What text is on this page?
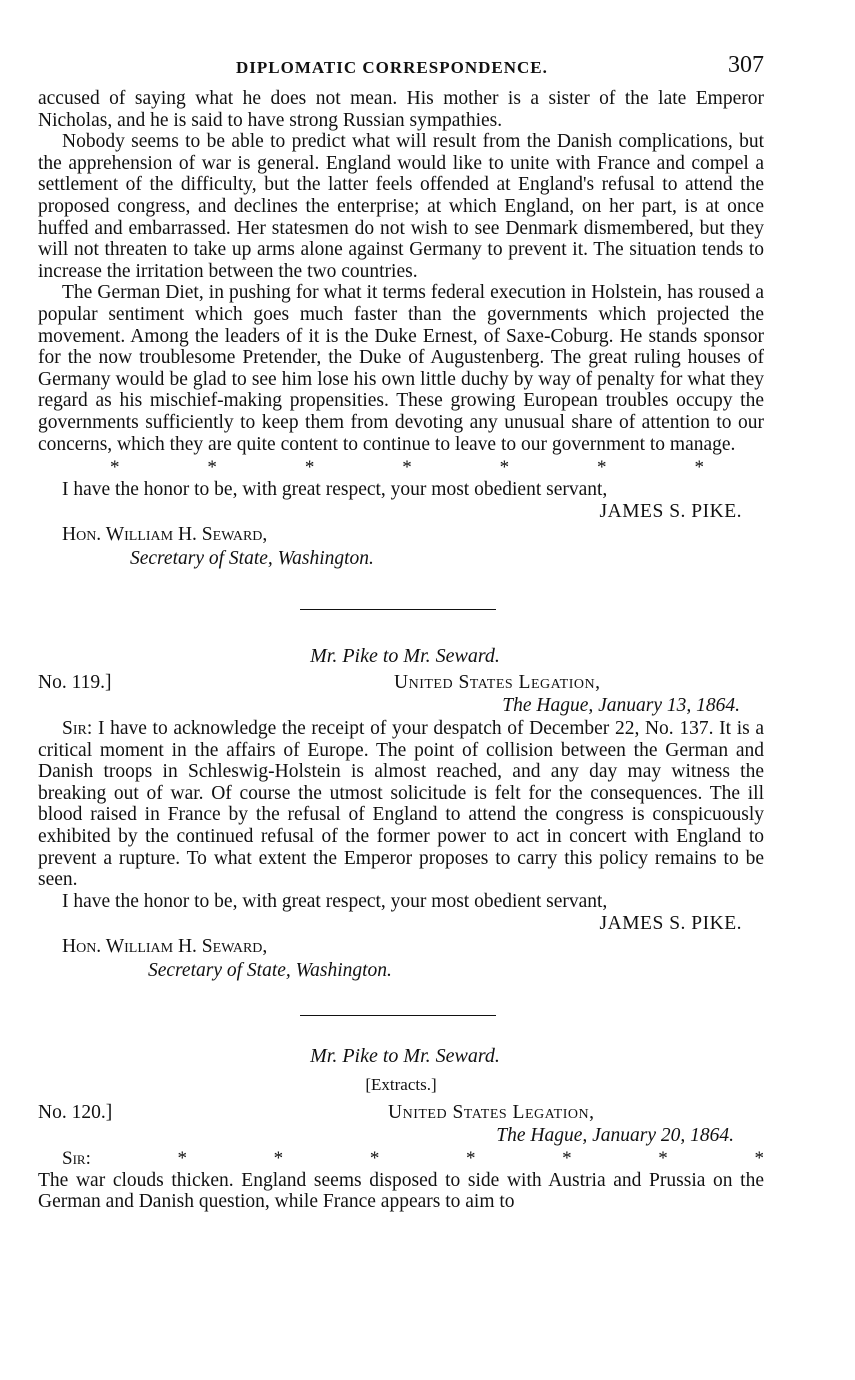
DIPLOMATIC CORRESPONDENCE.	307

accused of saying what he does not mean. His mother is a sister of the late Emperor Nicholas, and he is said to have strong Russian sympathies.

Nobody seems to be able to predict what will result from the Danish complications, but the apprehension of war is general. England would like to unite with France and compel a settlement of the difficulty, but the latter feels offended at England's refusal to attend the proposed congress, and declines the enterprise; at which England, on her part, is at once huffed and embarrassed. Her statesmen do not wish to see Denmark dismembered, but they will not threaten to take up arms alone against Germany to prevent it. The situation tends to increase the irritation between the two countries.

The German Diet, in pushing for what it terms federal execution in Holstein, has roused a popular sentiment which goes much faster than the governments which projected the movement. Among the leaders of it is the Duke Ernest, of Saxe-Coburg. He stands sponsor for the now troublesome Pretender, the Duke of Augustenberg. The great ruling houses of Germany would be glad to see him lose his own little duchy by way of penalty for what they regard as his mischief-making propensities. These growing European troubles occupy the governments sufficiently to keep them from devoting any unusual share of attention to our concerns, which they are quite content to continue to leave to our government to manage.

*	*	*	*	*	*	*
I have the honor to be, with great respect, your most obedient servant,
JAMES S. PIKE.
Hon. William H. Seward,
Secretary of State, Washington.
Mr. Pike to Mr. Seward.
No. 119.]	United States Legation,
The Hague, January 13, 1864.

Sir: I have to acknowledge the receipt of your despatch of December 22, No. 137. It is a critical moment in the affairs of Europe. The point of collision between the German and Danish troops in Schleswig-Holstein is almost reached, and any day may witness the breaking out of war. Of course the utmost solicitude is felt for the consequences. The ill blood raised in France by the refusal of England to attend the congress is conspicuously exhibited by the continued refusal of the former power to act in concert with England to prevent a rupture. To what extent the Emperor proposes to carry this policy remains to be seen.

I have the honor to be, with great respect, your most obedient servant,
JAMES S. PIKE.
Hon. William H. Seward,
Secretary of State, Washington.
Mr. Pike to Mr. Seward.
[Extracts.]
No. 120.]	United States Legation,
The Hague, January 20, 1864.
Sir:	*	*	*	*	*	*	*

The war clouds thicken. England seems disposed to side with Austria and Prussia on the German and Danish question, while France appears to aim to
